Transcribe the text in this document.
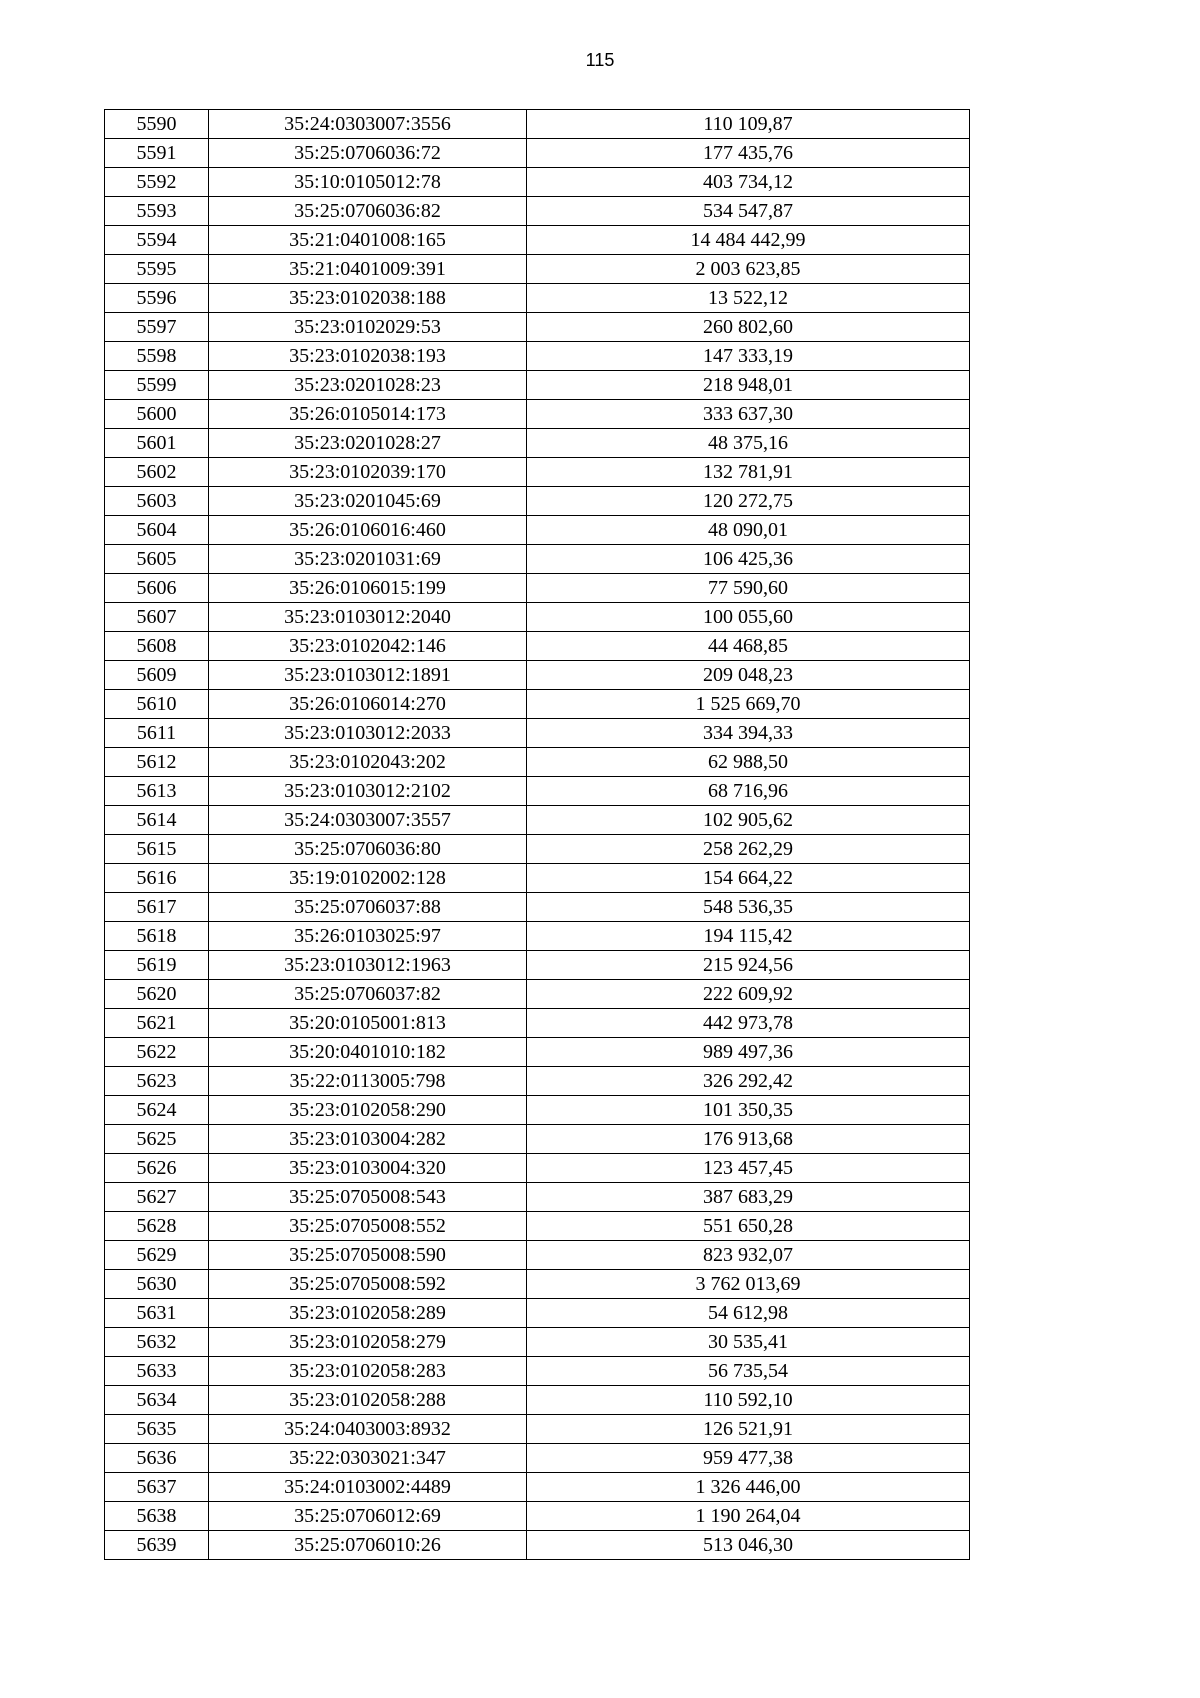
115
5590	35:24:0303007:3556	110 109,87
5591	35:25:0706036:72	177 435,76
5592	35:10:0105012:78	403 734,12
5593	35:25:0706036:82	534 547,87
5594	35:21:0401008:165	14 484 442,99
5595	35:21:0401009:391	2 003 623,85
5596	35:23:0102038:188	13 522,12
5597	35:23:0102029:53	260 802,60
5598	35:23:0102038:193	147 333,19
5599	35:23:0201028:23	218 948,01
5600	35:26:0105014:173	333 637,30
5601	35:23:0201028:27	48 375,16
5602	35:23:0102039:170	132 781,91
5603	35:23:0201045:69	120 272,75
5604	35:26:0106016:460	48 090,01
5605	35:23:0201031:69	106 425,36
5606	35:26:0106015:199	77 590,60
5607	35:23:0103012:2040	100 055,60
5608	35:23:0102042:146	44 468,85
5609	35:23:0103012:1891	209 048,23
5610	35:26:0106014:270	1 525 669,70
5611	35:23:0103012:2033	334 394,33
5612	35:23:0102043:202	62 988,50
5613	35:23:0103012:2102	68 716,96
5614	35:24:0303007:3557	102 905,62
5615	35:25:0706036:80	258 262,29
5616	35:19:0102002:128	154 664,22
5617	35:25:0706037:88	548 536,35
5618	35:26:0103025:97	194 115,42
5619	35:23:0103012:1963	215 924,56
5620	35:25:0706037:82	222 609,92
5621	35:20:0105001:813	442 973,78
5622	35:20:0401010:182	989 497,36
5623	35:22:0113005:798	326 292,42
5624	35:23:0102058:290	101 350,35
5625	35:23:0103004:282	176 913,68
5626	35:23:0103004:320	123 457,45
5627	35:25:0705008:543	387 683,29
5628	35:25:0705008:552	551 650,28
5629	35:25:0705008:590	823 932,07
5630	35:25:0705008:592	3 762 013,69
5631	35:23:0102058:289	54 612,98
5632	35:23:0102058:279	30 535,41
5633	35:23:0102058:283	56 735,54
5634	35:23:0102058:288	110 592,10
5635	35:24:0403003:8932	126 521,91
5636	35:22:0303021:347	959 477,38
5637	35:24:0103002:4489	1 326 446,00
5638	35:25:0706012:69	1 190 264,04
5639	35:25:0706010:26	513 046,30
